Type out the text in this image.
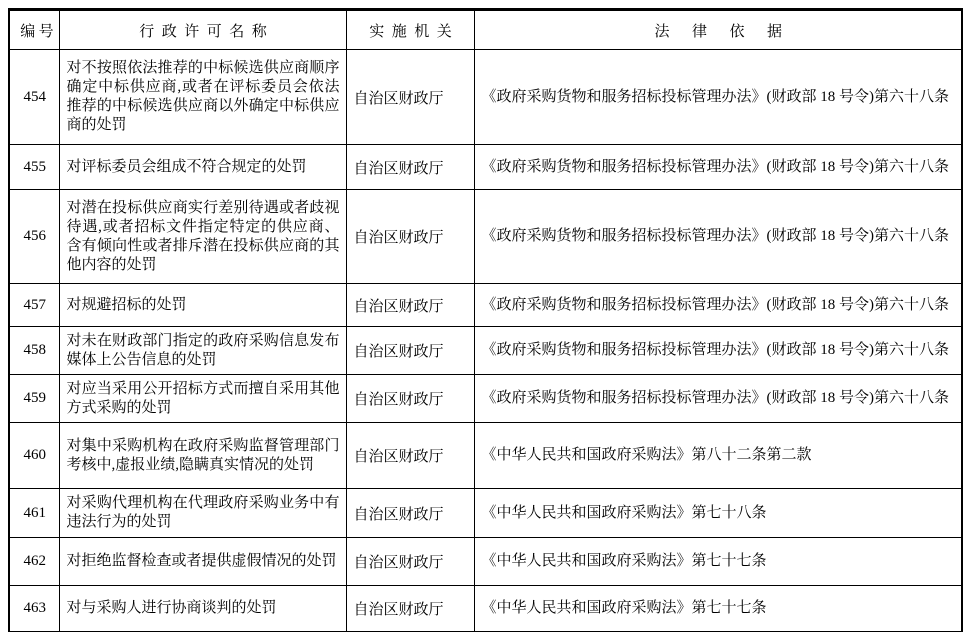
编号	行政许可名称	实施机关	法律依据
454	对不按照依法推荐的中标候选供应商顺序确定中标供应商,或者在评标委员会依法推荐的中标候选供应商以外确定中标供应商的处罚	自治区财政厅	《政府采购货物和服务招标投标管理办法》(财政部 18 号令)第六十八条
455	对评标委员会组成不符合规定的处罚	自治区财政厅	《政府采购货物和服务招标投标管理办法》(财政部 18 号令)第六十八条
456	对潜在投标供应商实行差别待遇或者歧视待遇,或者招标文件指定特定的供应商、含有倾向性或者排斥潜在投标供应商的其他内容的处罚	自治区财政厅	《政府采购货物和服务招标投标管理办法》(财政部 18 号令)第六十八条
457	对规避招标的处罚	自治区财政厅	《政府采购货物和服务招标投标管理办法》(财政部 18 号令)第六十八条
458	对未在财政部门指定的政府采购信息发布媒体上公告信息的处罚	自治区财政厅	《政府采购货物和服务招标投标管理办法》(财政部 18 号令)第六十八条
459	对应当采用公开招标方式而擅自采用其他方式采购的处罚	自治区财政厅	《政府采购货物和服务招标投标管理办法》(财政部 18 号令)第六十八条
460	对集中采购机构在政府采购监督管理部门考核中,虚报业绩,隐瞒真实情况的处罚	自治区财政厅	《中华人民共和国政府采购法》第八十二条第二款
461	对采购代理机构在代理政府采购业务中有违法行为的处罚	自治区财政厅	《中华人民共和国政府采购法》第七十八条
462	对拒绝监督检查或者提供虚假情况的处罚	自治区财政厅	《中华人民共和国政府采购法》第七十七条
463	对与采购人进行协商谈判的处罚	自治区财政厅	《中华人民共和国政府采购法》第七十七条
